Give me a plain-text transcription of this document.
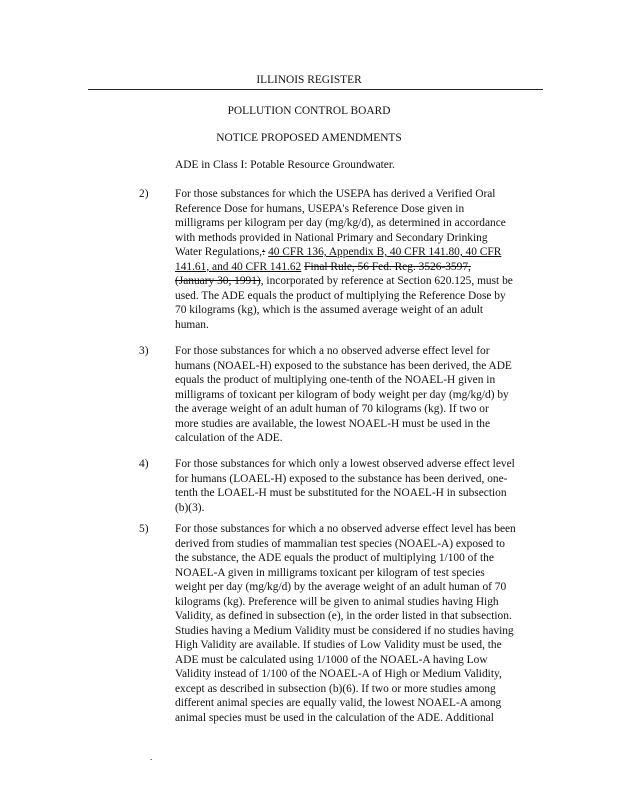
ILLINOIS REGISTER
POLLUTION CONTROL BOARD
NOTICE PROPOSED AMENDMENTS
ADE in Class I: Potable Resource Groundwater.
2) For those substances for which the USEPA has derived a Verified Oral
Reference Dose for humans, USEPA's Reference Dose given in
milligrams per kilogram per day (mg/kg/d), as determined in accordance
with methods provided in National Primary and Secondary Drinking
Water Regulations,: 40 CFR 136, Appendix B, 40 CFR 141.80, 40 CFR
141.61, and 40 CFR 141.62 Final Rule, 56 Fed. Reg. 3526-3597,
(January 30, 1991), incorporated by reference at Section 620.125, must be
used. The ADE equals the product of multiplying the Reference Dose by
70 kilograms (kg), which is the assumed average weight of an adult
human.
3) For those substances for which a no observed adverse effect level for
humans (NOAEL-H) exposed to the substance has been derived, the ADE
equals the product of multiplying one-tenth of the NOAEL-H given in
milligrams of toxicant per kilogram of body weight per day (mg/kg/d) by
the average weight of an adult human of 70 kilograms (kg). If two or
more studies are available, the lowest NOAEL-H must be used in the
calculation of the ADE.
4) For those substances for which only a lowest observed adverse effect level
for humans (LOAEL-H) exposed to the substance has been derived, one-
tenth the LOAEL-H must be substituted for the NOAEL-H in subsection
(b)(3).
5) For those substances for which a no observed adverse effect level has been
derived from studies of mammalian test species (NOAEL-A) exposed to
the substance, the ADE equals the product of multiplying 1/100 of the
NOAEL-A given in milligrams toxicant per kilogram of test species
weight per day (mg/kg/d) by the average weight of an adult human of 70
kilograms (kg). Preference will be given to animal studies having High
Validity, as defined in subsection (e), in the order listed in that subsection.
Studies having a Medium Validity must be considered if no studies having
High Validity are available. If studies of Low Validity must be used, the
ADE must be calculated using 1/1000 of the NOAEL-A having Low
Validity instead of 1/100 of the NOAEL-A of High or Medium Validity,
except as described in subsection (b)(6). If two or more studies among
different animal species are equally valid, the lowest NOAEL-A among
animal species must be used in the calculation of the ADE. Additional
.
